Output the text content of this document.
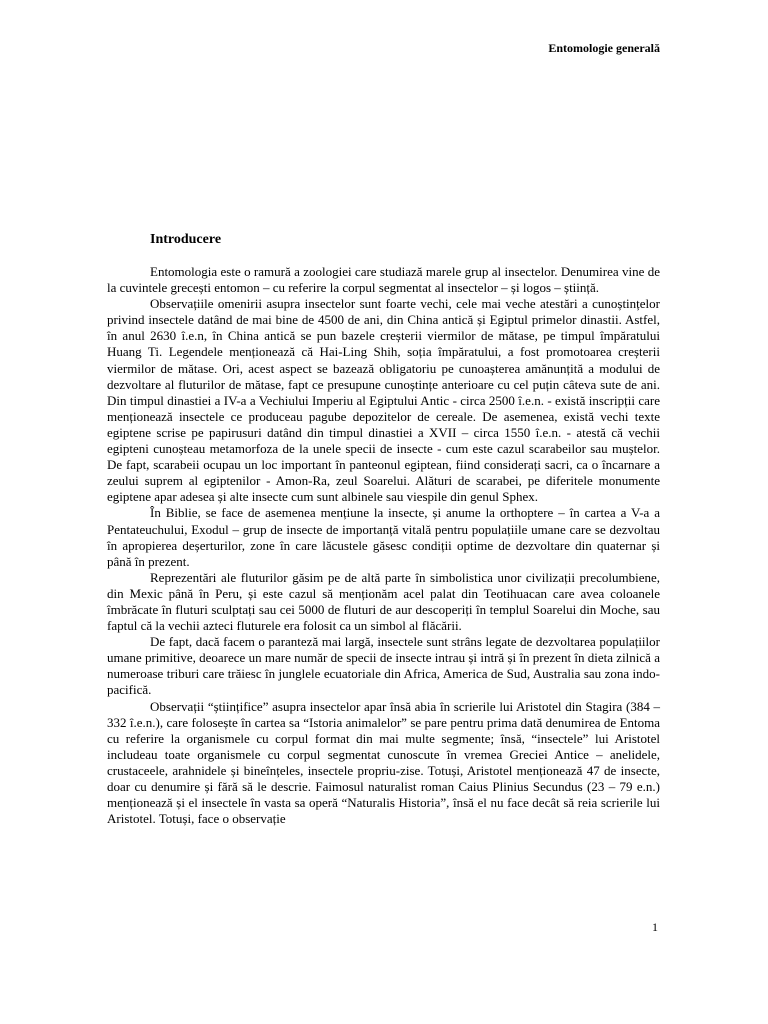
Entomologie generală
Introducere

Entomologia este o ramură a zoologiei care studiază marele grup al insectelor. Denumirea vine de la cuvintele grecești entomon – cu referire la corpul segmentat al insectelor – și logos – știință.

Observațiile omenirii asupra insectelor sunt foarte vechi, cele mai veche atestări a cunoștințelor privind insectele datând de mai bine de 4500 de ani, din China antică și Egiptul primelor dinastii. Astfel, în anul 2630 î.e.n, în China antică se pun bazele creșterii viermilor de mătase, pe timpul împăratului Huang Ti. Legendele menționează că Hai-Ling Shih, soția împăratului, a fost promotoarea creșterii viermilor de mătase. Ori, acest aspect se bazează obligatoriu pe cunoașterea amănunțită a modului de dezvoltare al fluturilor de mătase, fapt ce presupune cunoștințe anterioare cu cel puțin câteva sute de ani. Din timpul dinastiei a IV-a a Vechiului Imperiu al Egiptului Antic - circa 2500 î.e.n. - există inscripții care menționează insectele ce produceau pagube depozitelor de cereale. De asemenea, există vechi texte egiptene scrise pe papirusuri datând din timpul dinastiei a XVII – circa 1550 î.e.n. - atestă că vechii egipteni cunoșteau metamorfoza de la unele specii de insecte - cum este cazul scarabeilor sau muștelor. De fapt, scarabeii ocupau un loc important în panteonul egiptean, fiind considerați sacri, ca o încarnare a zeului suprem al egiptenilor - Amon-Ra, zeul Soarelui. Alături de scarabei, pe diferitele monumente egiptene apar adesea și alte insecte cum sunt albinele sau viespile din genul Sphex.

În Biblie, se face de asemenea mențiune la insecte, și anume la orthoptere – în cartea a V-a a Pentateuchului, Exodul – grup de insecte de importanță vitală pentru populațiile umane care se dezvoltau în apropierea deșerturilor, zone în care lăcustele găsesc condiții optime de dezvoltare din quaternar și până în prezent.

Reprezentări ale fluturilor găsim pe de altă parte în simbolistica unor civilizații precolumbiene, din Mexic până în Peru, și este cazul să menționăm acel palat din Teotihuacan care avea coloanele îmbrăcate în fluturi sculptați sau cei 5000 de fluturi de aur descoperiți în templul Soarelui din Moche, sau faptul că la vechii azteci fluturele era folosit ca un simbol al flăcării.

De fapt, dacă facem o paranteză mai largă, insectele sunt strâns legate de dezvoltarea populațiilor umane primitive, deoarece un mare număr de specii de insecte intrau și intră și în prezent în dieta zilnică a numeroase triburi care trăiesc în junglele ecuatoriale din Africa, America de Sud, Australia sau zona indo-pacifică.

Observații “științifice” asupra insectelor apar însă abia în scrierile lui Aristotel din Stagira (384 – 332 î.e.n.), care folosește în cartea sa “Istoria animalelor” se pare pentru prima dată denumirea de Entoma cu referire la organismele cu corpul format din mai multe segmente; însă, “insectele” lui Aristotel includeau toate organismele cu corpul segmentat cunoscute în vremea Greciei Antice – anelidele, crustaceele, arahnidele și bineînțeles, insectele propriu-zise. Totuși, Aristotel menționează 47 de insecte, doar cu denumire și fără să le descrie. Faimosul naturalist roman Caius Plinius Secundus (23 – 79 e.n.) menționează și el insectele în vasta sa operă “Naturalis Historia”, însă el nu face decât să reia scrierile lui Aristotel. Totuși, face o observație

1
